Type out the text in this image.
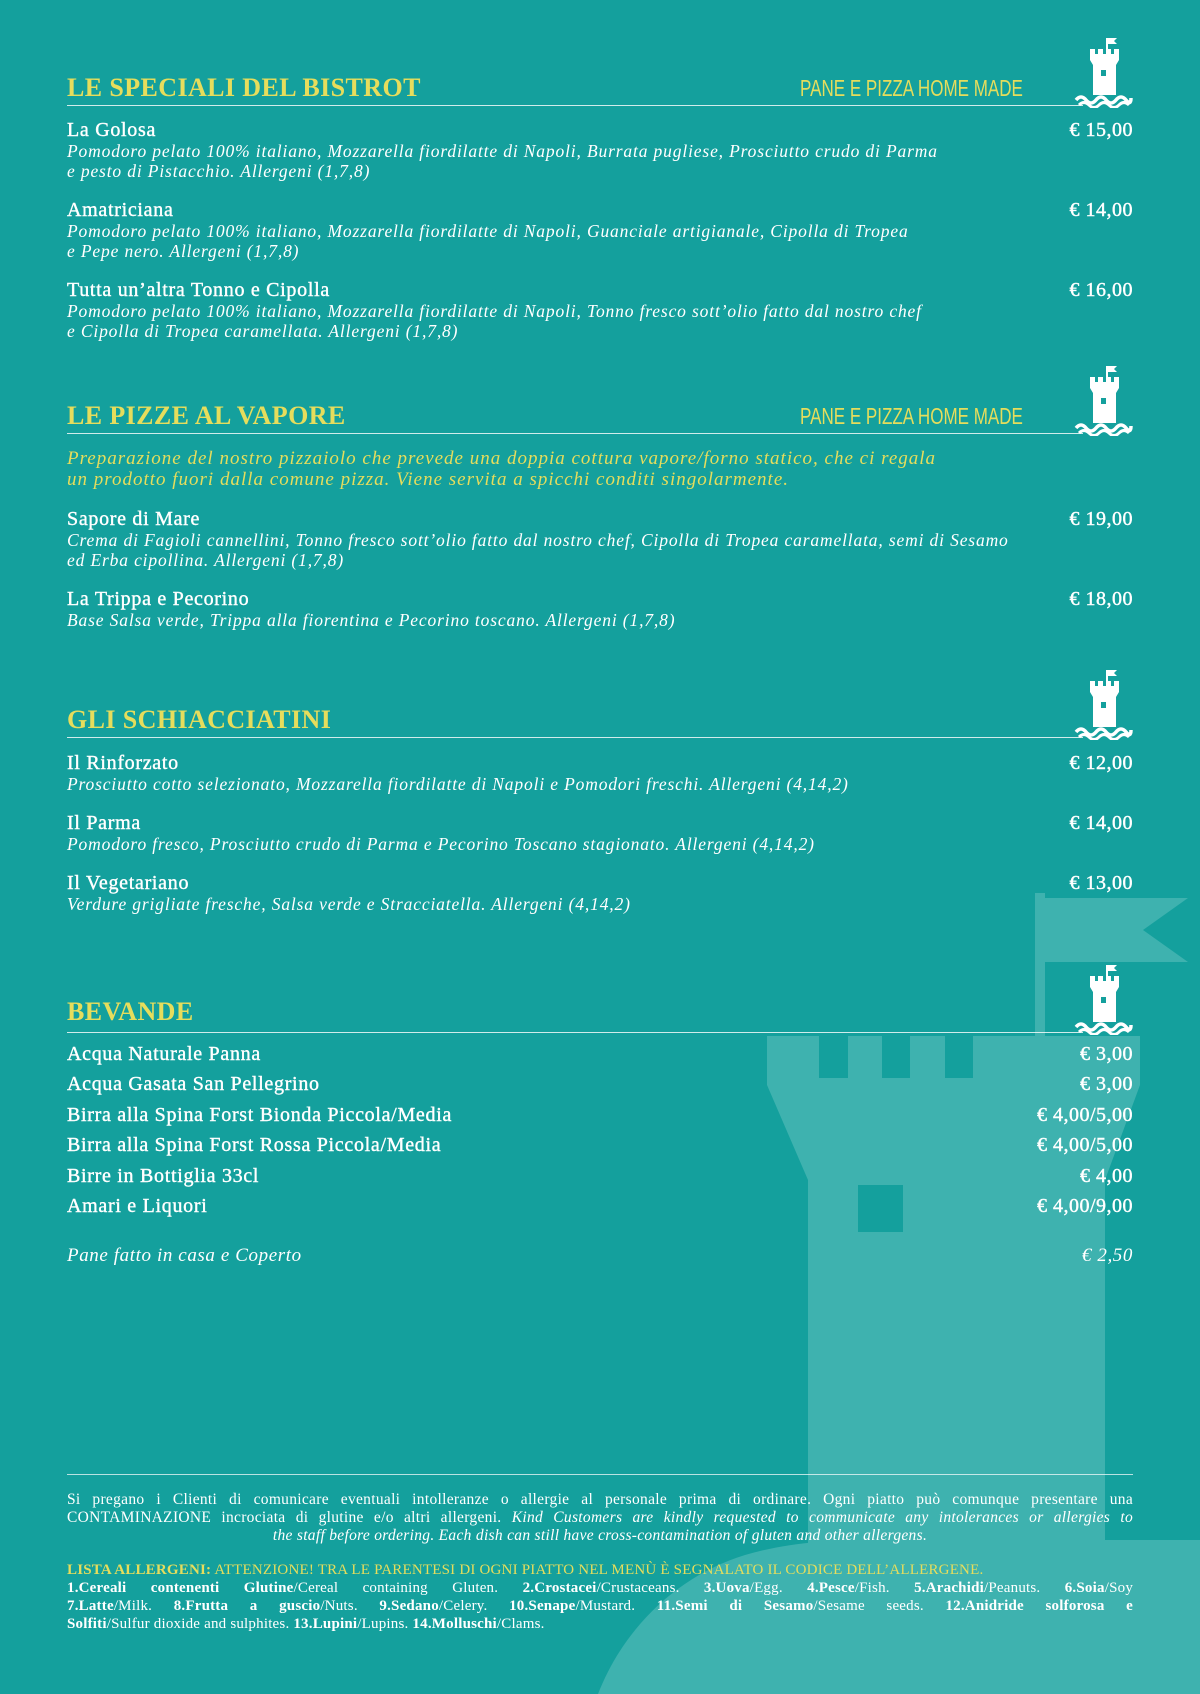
LE SPECIALI DEL BISTROT	PANE E PIZZA HOME MADE
La Golosa	€ 15,00
Pomodoro pelato 100% italiano, Mozzarella fiordilatte di Napoli, Burrata pugliese, Prosciutto crudo di Parma
e pesto di Pistacchio. Allergeni (1,7,8)
Amatriciana	€ 14,00
Pomodoro pelato 100% italiano, Mozzarella fiordilatte di Napoli, Guanciale artigianale, Cipolla di Tropea
e Pepe nero. Allergeni (1,7,8)
Tutta un’altra Tonno e Cipolla	€ 16,00
Pomodoro pelato 100% italiano, Mozzarella fiordilatte di Napoli, Tonno fresco sott’olio fatto dal nostro chef
e Cipolla di Tropea caramellata. Allergeni (1,7,8)
LE PIZZE AL VAPORE	PANE E PIZZA HOME MADE
Preparazione del nostro pizzaiolo che prevede una doppia cottura vapore/forno statico, che ci regala
un prodotto fuori dalla comune pizza. Viene servita a spicchi conditi singolarmente.
Sapore di Mare	€ 19,00
Crema di Fagioli cannellini, Tonno fresco sott’olio fatto dal nostro chef, Cipolla di Tropea caramellata, semi di Sesamo
ed Erba cipollina. Allergeni (1,7,8)
La Trippa e Pecorino	€ 18,00
Base Salsa verde, Trippa alla fiorentina e Pecorino toscano. Allergeni (1,7,8)
GLI SCHIACCIATINI
Il Rinforzato	€ 12,00
Prosciutto cotto selezionato, Mozzarella fiordilatte di Napoli e Pomodori freschi. Allergeni (4,14,2)
Il Parma	€ 14,00
Pomodoro fresco, Prosciutto crudo di Parma e Pecorino Toscano stagionato. Allergeni (4,14,2)
Il Vegetariano	€ 13,00
Verdure grigliate fresche, Salsa verde e Stracciatella. Allergeni (4,14,2)
BEVANDE
Acqua Naturale Panna	€ 3,00
Acqua Gasata San Pellegrino	€ 3,00
Birra alla Spina Forst Bionda Piccola/Media	€ 4,00/5,00
Birra alla Spina Forst Rossa Piccola/Media	€ 4,00/5,00
Birre in Bottiglia 33cl	€ 4,00
Amari e Liquori	€ 4,00/9,00
Pane fatto in casa e Coperto	€ 2,50
Si pregano i Clienti di comunicare eventuali intolleranze o allergie al personale prima di ordinare. Ogni piatto può comunque presentare una
CONTAMINAZIONE incrociata di glutine e/o altri allergeni. Kind Customers are kindly requested to communicate any intolerances or allergies to
the staff before ordering. Each dish can still have cross-contamination of gluten and other allergens.
LISTA ALLERGENI: ATTENZIONE! TRA LE PARENTESI DI OGNI PIATTO NEL MENÙ È SEGNALATO IL CODICE DELL’ALLERGENE.
1.Cereali contenenti Glutine/Cereal containing Gluten. 2.Crostacei/Crustaceans. 3.Uova/Egg. 4.Pesce/Fish. 5.Arachidi/Peanuts. 6.Soia/Soy
7.Latte/Milk. 8.Frutta a guscio/Nuts. 9.Sedano/Celery. 10.Senape/Mustard. 11.Semi di Sesamo/Sesame seeds. 12.Anidride solforosa e
Solfiti/Sulfur dioxide and sulphites. 13.Lupini/Lupins. 14.Molluschi/Clams.
